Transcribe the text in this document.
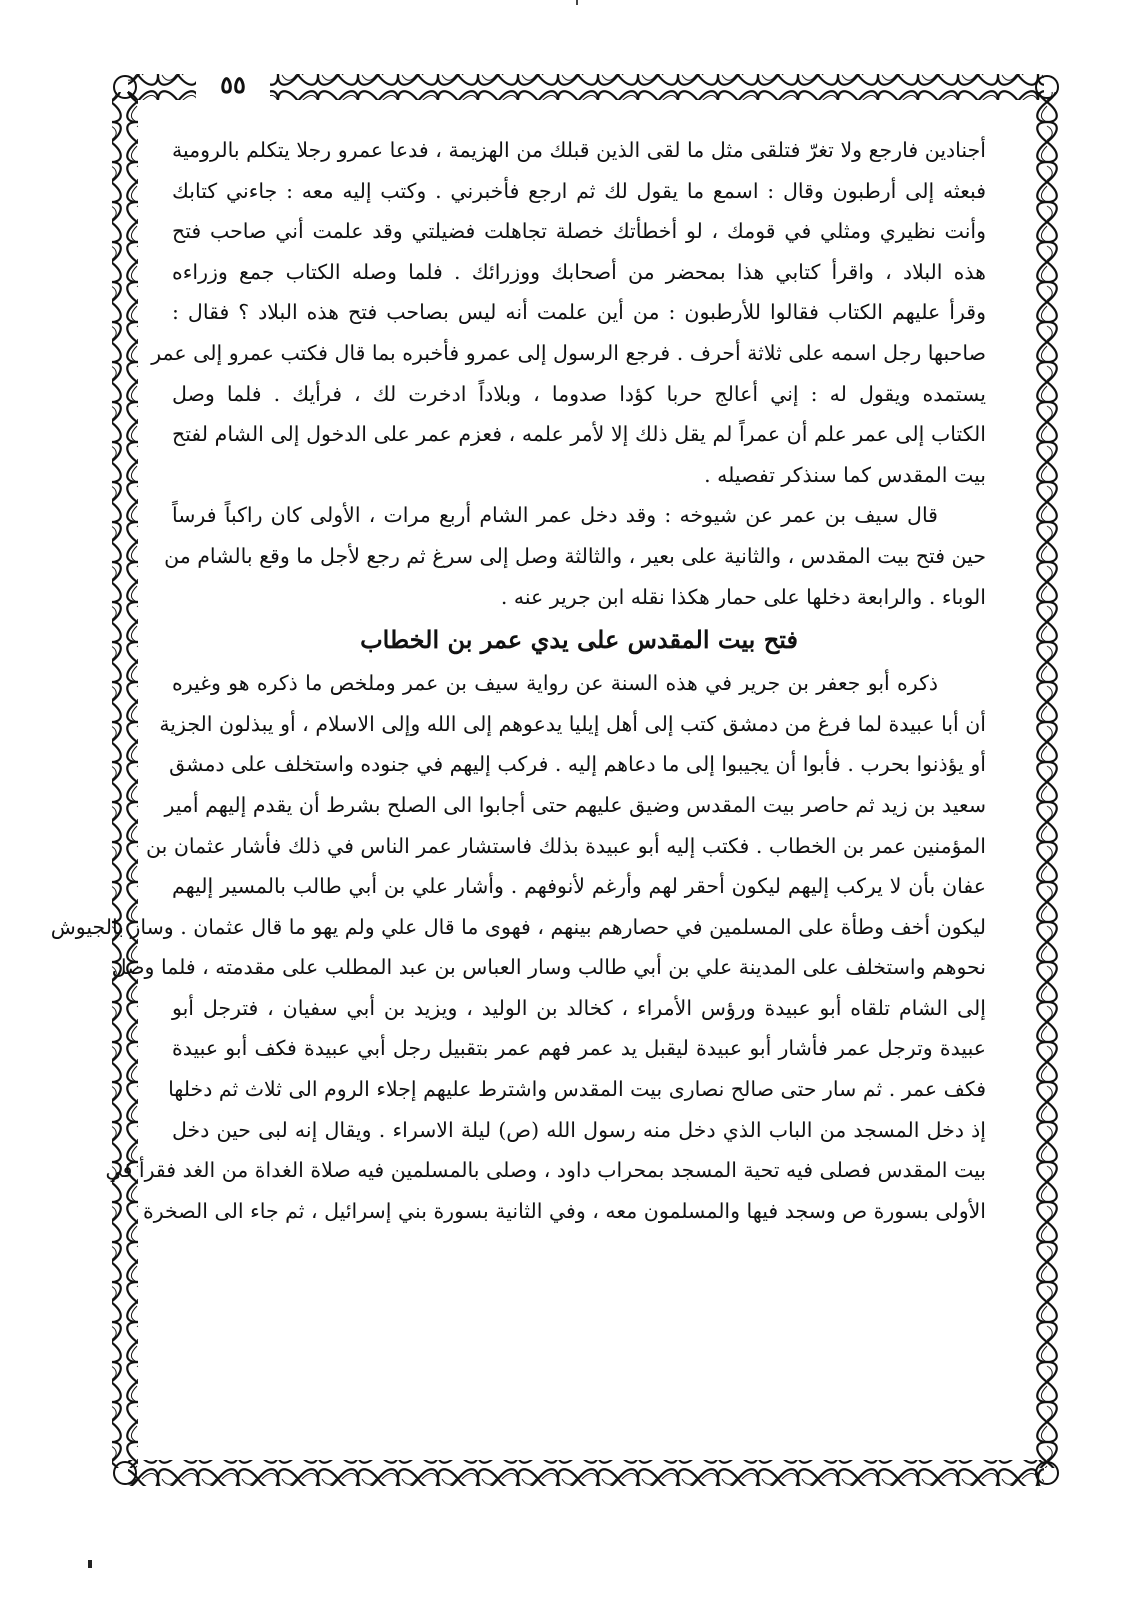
٥٥
أجنادين فارجع ولا تغرّ فتلقى مثل ما لقى الذين قبلك من الهزيمة ، فدعا عمرو رجلا يتكلم بالرومية
فبعثه إلى أرطبون وقال : اسمع ما يقول لك ثم ارجع فأخبرني . وكتب إليه معه : جاءني كتابك
وأنت نظيري ومثلي في قومك ، لو أخطأتك خصلة تجاهلت فضيلتي وقد علمت أني صاحب فتح
هذه البلاد ، واقرأ كتابي هذا بمحضر من أصحابك ووزرائك . فلما وصله الكتاب جمع وزراءه
وقرأ عليهم الكتاب فقالوا للأرطبون : من أين علمت أنه ليس بصاحب فتح هذه البلاد ؟ فقال :
صاحبها رجل اسمه على ثلاثة أحرف . فرجع الرسول إلى عمرو فأخبره بما قال فكتب عمرو إلى عمر
يستمده ويقول له : إني أعالج حربا كؤدا صدوما ، وبلاداً ادخرت لك ، فرأيك . فلما وصل
الكتاب إلى عمر علم أن عمراً لم يقل ذلك إلا لأمر علمه ، فعزم عمر على الدخول إلى الشام لفتح
بيت المقدس كما سنذكر تفصيله .
قال سيف بن عمر عن شيوخه : وقد دخل عمر الشام أربع مرات ، الأولى كان راكباً فرساً
حين فتح بيت المقدس ، والثانية على بعير ، والثالثة وصل إلى سرغ ثم رجع لأجل ما وقع بالشام من
الوباء . والرابعة دخلها على حمار هكذا نقله ابن جرير عنه .
فتح بيت المقدس على يدي عمر بن الخطاب
ذكره أبو جعفر بن جرير في هذه السنة عن رواية سيف بن عمر وملخص ما ذكره هو وغيره
أن أبا عبيدة لما فرغ من دمشق كتب إلى أهل إيليا يدعوهم إلى الله وإلى الاسلام ، أو يبذلون الجزية
أو يؤذنوا بحرب . فأبوا أن يجيبوا إلى ما دعاهم إليه . فركب إليهم في جنوده واستخلف على دمشق
سعيد بن زيد ثم حاصر بيت المقدس وضيق عليهم حتى أجابوا الى الصلح بشرط أن يقدم إليهم أمير
المؤمنين عمر بن الخطاب . فكتب إليه أبو عبيدة بذلك فاستشار عمر الناس في ذلك فأشار عثمان بن
عفان بأن لا يركب إليهم ليكون أحقر لهم وأرغم لأنوفهم . وأشار علي بن أبي طالب بالمسير إليهم
ليكون أخف وطأة على المسلمين في حصارهم بينهم ، فهوى ما قال علي ولم يهو ما قال عثمان . وسار بالجيوش
نحوهم واستخلف على المدينة علي بن أبي طالب وسار العباس بن عبد المطلب على مقدمته ، فلما وصل
إلى الشام تلقاه أبو عبيدة ورؤس الأمراء ، كخالد بن الوليد ، ويزيد بن أبي سفيان ، فترجل أبو
عبيدة وترجل عمر فأشار أبو عبيدة ليقبل يد عمر فهم عمر بتقبيل رجل أبي عبيدة فكف أبو عبيدة
فكف عمر . ثم سار حتى صالح نصارى بيت المقدس واشترط عليهم إجلاء الروم الى ثلاث ثم دخلها
إذ دخل المسجد من الباب الذي دخل منه رسول الله (ص) ليلة الاسراء . ويقال إنه لبى حين دخل
بيت المقدس فصلى فيه تحية المسجد بمحراب داود ، وصلى بالمسلمين فيه صلاة الغداة من الغد فقرأ في
الأولى بسورة ص وسجد فيها والمسلمون معه ، وفي الثانية بسورة بني إسرائيل ، ثم جاء الى الصخرة
